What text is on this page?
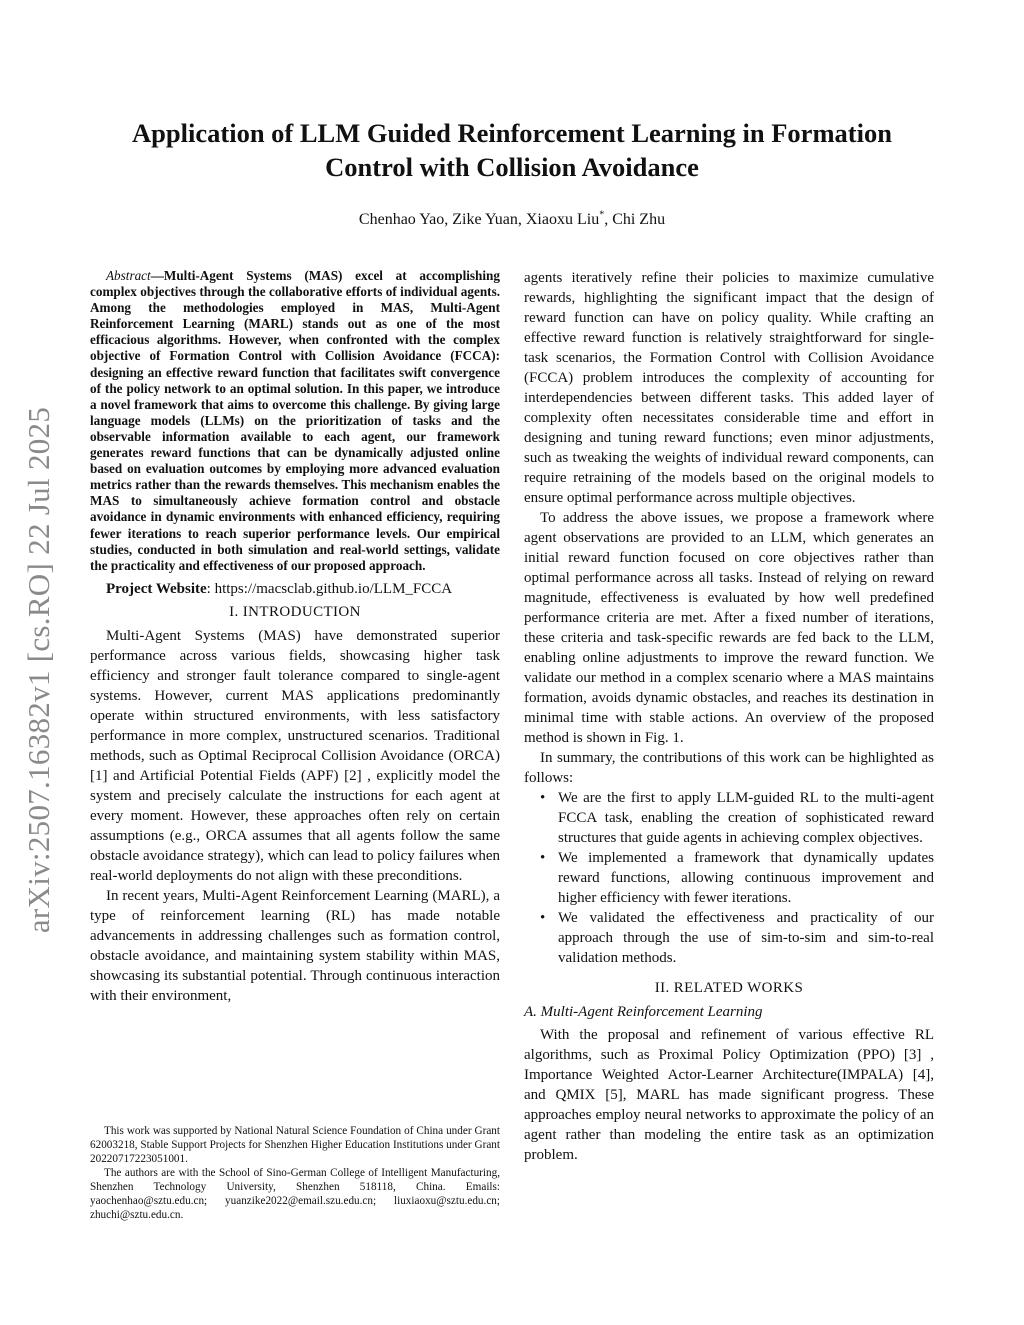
arXiv:2507.16382v1 [cs.RO] 22 Jul 2025
Application of LLM Guided Reinforcement Learning in Formation Control with Collision Avoidance
Chenhao Yao, Zike Yuan, Xiaoxu Liu*, Chi Zhu

Abstract—Multi-Agent Systems (MAS) excel at accomplishing complex objectives through the collaborative efforts of individual agents. Among the methodologies employed in MAS, Multi-Agent Reinforcement Learning (MARL) stands out as one of the most efficacious algorithms. However, when confronted with the complex objective of Formation Control with Collision Avoidance (FCCA): designing an effective reward function that facilitates swift convergence of the policy network to an optimal solution. In this paper, we introduce a novel framework that aims to overcome this challenge. By giving large language models (LLMs) on the prioritization of tasks and the observable information available to each agent, our framework generates reward functions that can be dynamically adjusted online based on evaluation outcomes by employing more advanced evaluation metrics rather than the rewards themselves. This mechanism enables the MAS to simultaneously achieve formation control and obstacle avoidance in dynamic environments with enhanced efficiency, requiring fewer iterations to reach superior performance levels. Our empirical studies, conducted in both simulation and real-world settings, validate the practicality and effectiveness of our proposed approach.

Project Website: https://macsclab.github.io/LLM_FCCA

I. INTRODUCTION

Multi-Agent Systems (MAS) have demonstrated superior performance across various fields, showcasing higher task efficiency and stronger fault tolerance compared to single-agent systems. However, current MAS applications predominantly operate within structured environments, with less satisfactory performance in more complex, unstructured scenarios. Traditional methods, such as Optimal Reciprocal Collision Avoidance (ORCA) [1] and Artificial Potential Fields (APF) [2] , explicitly model the system and precisely calculate the instructions for each agent at every moment. However, these approaches often rely on certain assumptions (e.g., ORCA assumes that all agents follow the same obstacle avoidance strategy), which can lead to policy failures when real-world deployments do not align with these preconditions.

In recent years, Multi-Agent Reinforcement Learning (MARL), a type of reinforcement learning (RL) has made notable advancements in addressing challenges such as formation control, obstacle avoidance, and maintaining system stability within MAS, showcasing its substantial potential. Through continuous interaction with their environment,

This work was supported by National Natural Science Foundation of China under Grant 62003218, Stable Support Projects for Shenzhen Higher Education Institutions under Grant 20220717223051001.

The authors are with the School of Sino-German College of Intelligent Manufacturing, Shenzhen Technology University, Shenzhen 518118, China. Emails: yaochenhao@sztu.edu.cn; yuanzike2022@email.szu.edu.cn; liuxiaoxu@sztu.edu.cn; zhuchi@sztu.edu.cn.

agents iteratively refine their policies to maximize cumulative rewards, highlighting the significant impact that the design of reward function can have on policy quality. While crafting an effective reward function is relatively straightforward for single-task scenarios, the Formation Control with Collision Avoidance (FCCA) problem introduces the complexity of accounting for interdependencies between different tasks. This added layer of complexity often necessitates considerable time and effort in designing and tuning reward functions; even minor adjustments, such as tweaking the weights of individual reward components, can require retraining of the models based on the original models to ensure optimal performance across multiple objectives.

To address the above issues, we propose a framework where agent observations are provided to an LLM, which generates an initial reward function focused on core objectives rather than optimal performance across all tasks. Instead of relying on reward magnitude, effectiveness is evaluated by how well predefined performance criteria are met. After a fixed number of iterations, these criteria and task-specific rewards are fed back to the LLM, enabling online adjustments to improve the reward function. We validate our method in a complex scenario where a MAS maintains formation, avoids dynamic obstacles, and reaches its destination in minimal time with stable actions. An overview of the proposed method is shown in Fig. 1.

In summary, the contributions of this work can be highlighted as follows:

• We are the first to apply LLM-guided RL to the multi-agent FCCA task, enabling the creation of sophisticated reward structures that guide agents in achieving complex objectives.
• We implemented a framework that dynamically updates reward functions, allowing continuous improvement and higher efficiency with fewer iterations.
• We validated the effectiveness and practicality of our approach through the use of sim-to-sim and sim-to-real validation methods.
II. RELATED WORKS
A. Multi-Agent Reinforcement Learning

With the proposal and refinement of various effective RL algorithms, such as Proximal Policy Optimization (PPO) [3] , Importance Weighted Actor-Learner Architecture(IMPALA) [4], and QMIX [5], MARL has made significant progress. These approaches employ neural networks to approximate the policy of an agent rather than modeling the entire task as an optimization problem.
